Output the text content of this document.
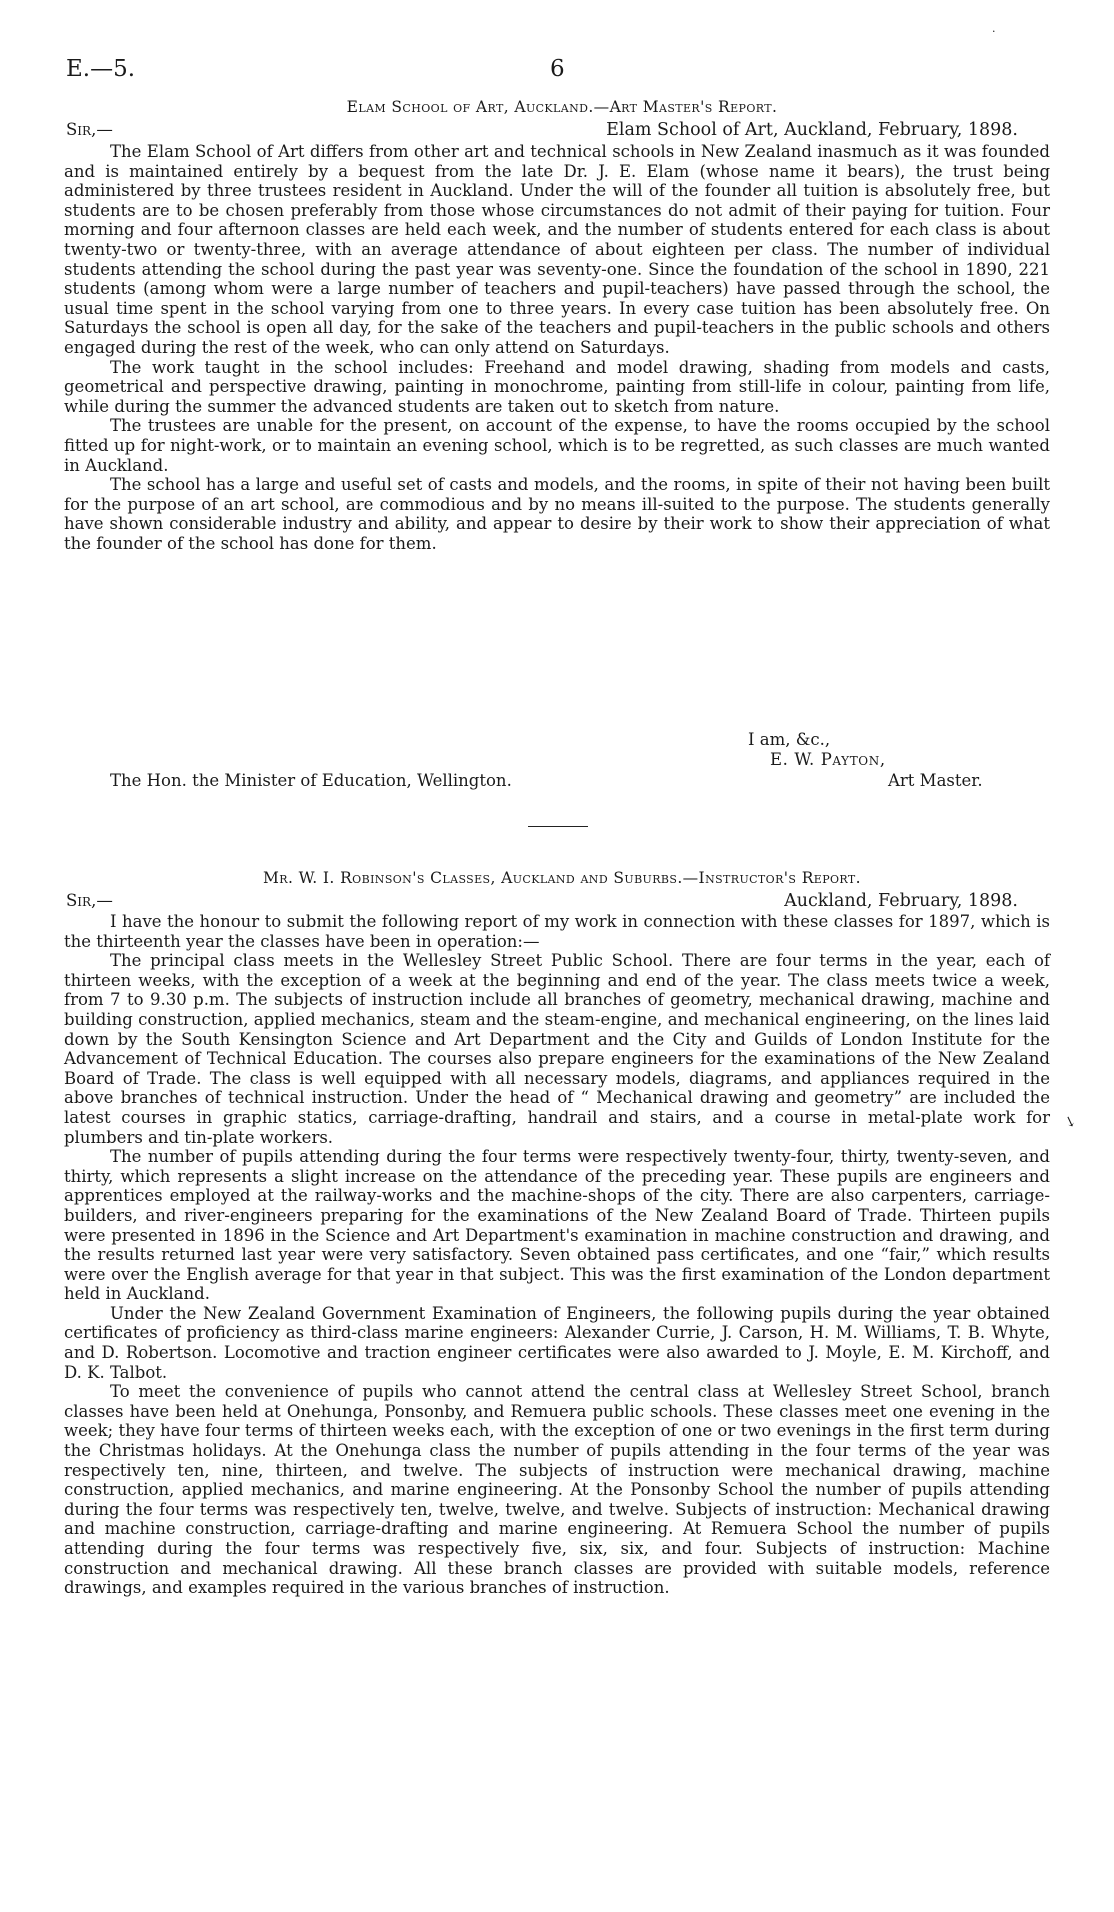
.
E.—5.	6
Elam School of Art, Auckland.—Art Master's Report.
Sir,—	Elam School of Art, Auckland, February, 1898.

The Elam School of Art differs from other art and technical schools in New Zealand inasmuch as it was founded and is maintained entirely by a bequest from the late Dr. J. E. Elam (whose name it bears), the trust being administered by three trustees resident in Auckland. Under the will of the founder all tuition is absolutely free, but students are to be chosen preferably from those whose circumstances do not admit of their paying for tuition. Four morning and four afternoon classes are held each week, and the number of students entered for each class is about twenty-two or twenty-three, with an average attendance of about eighteen per class. The number of individual students attending the school during the past year was seventy-one. Since the foundation of the school in 1890, 221 students (among whom were a large number of teachers and pupil-teachers) have passed through the school, the usual time spent in the school varying from one to three years. In every case tuition has been absolutely free. On Saturdays the school is open all day, for the sake of the teachers and pupil-teachers in the public schools and others engaged during the rest of the week, who can only attend on Saturdays.

The work taught in the school includes: Freehand and model drawing, shading from models and casts, geometrical and perspective drawing, painting in monochrome, painting from still-life in colour, painting from life, while during the summer the advanced students are taken out to sketch from nature.

The trustees are unable for the present, on account of the expense, to have the rooms occupied by the school fitted up for night-work, or to maintain an evening school, which is to be regretted, as such classes are much wanted in Auckland.

The school has a large and useful set of casts and models, and the rooms, in spite of their not having been built for the purpose of an art school, are commodious and by no means ill-suited to the purpose. The students generally have shown considerable industry and ability, and appear to desire by their work to show their appreciation of what the founder of the school has done for them.

I am, &c.,
E. W. Payton,
The Hon. the Minister of Education, Wellington.	Art Master.
Mr. W. I. Robinson's Classes, Auckland and Suburbs.—Instructor's Report.
Sir,—	Auckland, February, 1898.

I have the honour to submit the following report of my work in connection with these classes for 1897, which is the thirteenth year the classes have been in operation:—

The principal class meets in the Wellesley Street Public School. There are four terms in the year, each of thirteen weeks, with the exception of a week at the beginning and end of the year. The class meets twice a week, from 7 to 9.30 p.m. The subjects of instruction include all branches of geometry, mechanical drawing, machine and building construction, applied mechanics, steam and the steam-engine, and mechanical engineering, on the lines laid down by the South Kensington Science and Art Department and the City and Guilds of London Institute for the Advancement of Technical Education. The courses also prepare engineers for the examinations of the New Zealand Board of Trade. The class is well equipped with all necessary models, diagrams, and appliances required in the above branches of technical instruction. Under the head of “ Mechanical drawing and geometry” are included the latest courses in graphic statics, carriage-drafting, handrail and stairs, and a course in metal-plate work for plumbers and tin-plate workers.

The number of pupils attending during the four terms were respectively twenty-four, thirty, twenty-seven, and thirty, which represents a slight increase on the attendance of the preceding year. These pupils are engineers and apprentices employed at the railway-works and the machine-shops of the city. There are also carpenters, carriage-builders, and river-engineers preparing for the examinations of the New Zealand Board of Trade. Thirteen pupils were presented in 1896 in the Science and Art Department's examination in machine construction and drawing, and the results returned last year were very satisfactory. Seven obtained pass certificates, and one “fair,” which results were over the English average for that year in that subject. This was the first examination of the London department held in Auckland.

Under the New Zealand Government Examination of Engineers, the following pupils during the year obtained certificates of proficiency as third-class marine engineers: Alexander Currie, J. Carson, H. M. Williams, T. B. Whyte, and D. Robertson. Locomotive and traction engineer certificates were also awarded to J. Moyle, E. M. Kirchoff, and D. K. Talbot.

To meet the convenience of pupils who cannot attend the central class at Wellesley Street School, branch classes have been held at Onehunga, Ponsonby, and Remuera public schools. These classes meet one evening in the week; they have four terms of thirteen weeks each, with the exception of one or two evenings in the first term during the Christmas holidays. At the Onehunga class the number of pupils attending in the four terms of the year was respectively ten, nine, thirteen, and twelve. The subjects of instruction were mechanical drawing, machine construction, applied mechanics, and marine engineering. At the Ponsonby School the number of pupils attending during the four terms was respectively ten, twelve, twelve, and twelve. Subjects of instruction: Mechanical drawing and machine construction, carriage-drafting and marine engineering. At Remuera School the number of pupils attending during the four terms was respectively five, six, six, and four. Subjects of instruction: Machine construction and mechanical drawing. All these branch classes are provided with suitable models, reference drawings, and examples required in the various branches of instruction.

↘
